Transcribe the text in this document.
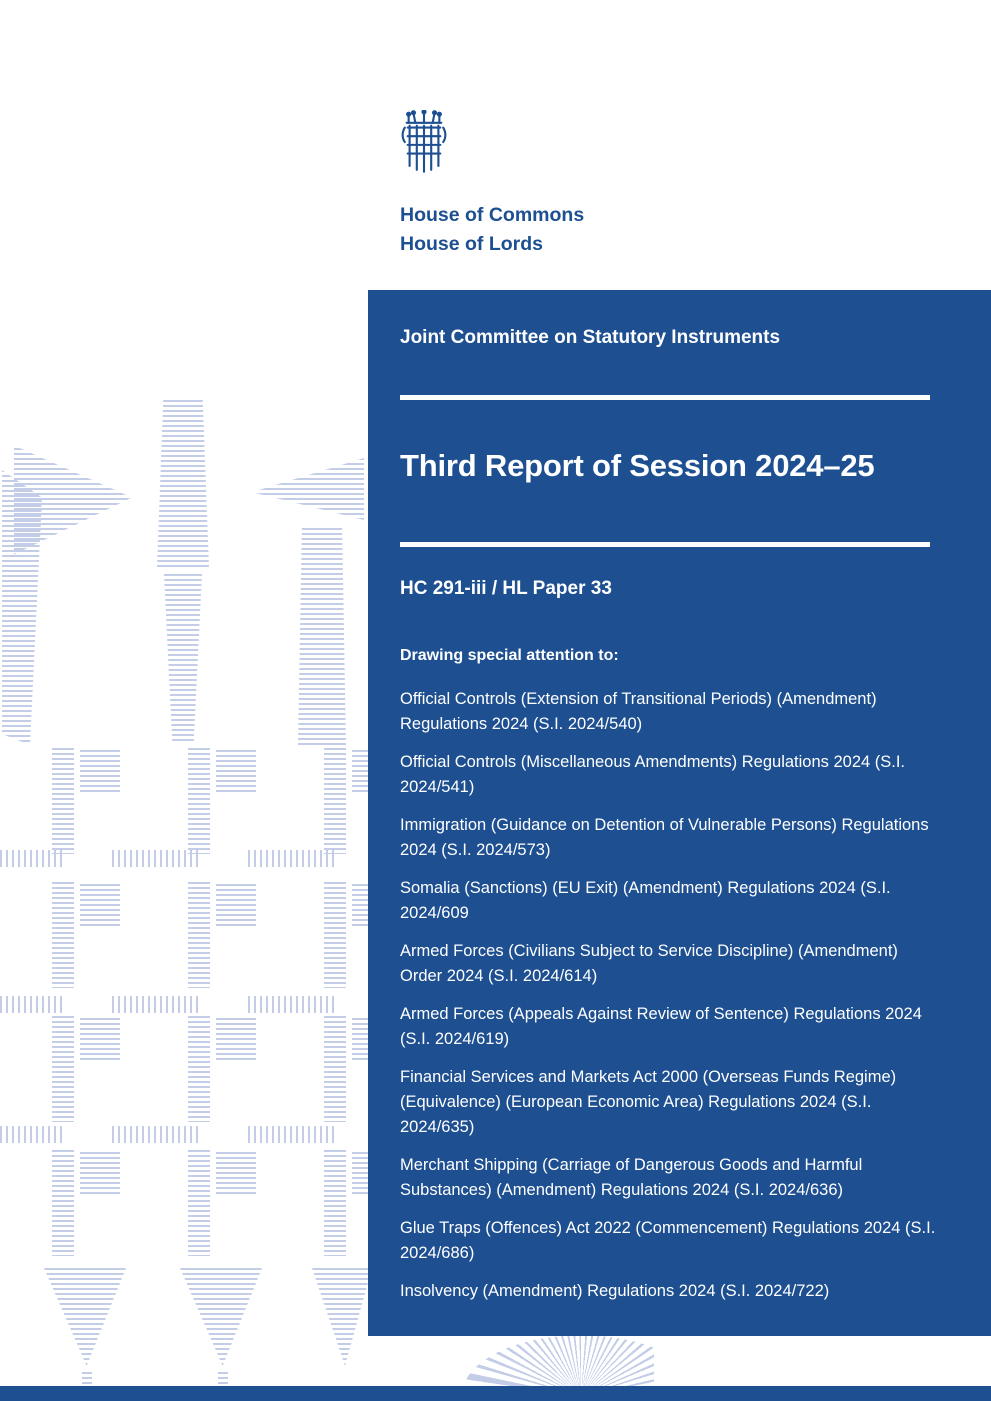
House of Commons
House of Lords
Joint Committee on Statutory Instruments
Third Report of Session 2024–25
HC 291-iii / HL Paper 33
Drawing special attention to:

Official Controls (Extension of Transitional Periods) (Amendment) Regulations 2024 (S.I. 2024/540)

Official Controls (Miscellaneous Amendments) Regulations 2024 (S.I. 2024/541)

Immigration (Guidance on Detention of Vulnerable Persons) Regulations 2024 (S.I. 2024/573)

Somalia (Sanctions) (EU Exit) (Amendment) Regulations 2024 (S.I. 2024/609

Armed Forces (Civilians Subject to Service Discipline) (Amendment) Order 2024 (S.I. 2024/614)

Armed Forces (Appeals Against Review of Sentence) Regulations 2024 (S.I. 2024/619)

Financial Services and Markets Act 2000 (Overseas Funds Regime) (Equivalence) (European Economic Area) Regulations 2024 (S.I. 2024/635)

Merchant Shipping (Carriage of Dangerous Goods and Harmful Substances) (Amendment) Regulations 2024 (S.I. 2024/636)

Glue Traps (Offences) Act 2022 (Commencement) Regulations 2024 (S.I. 2024/686)

Insolvency (Amendment) Regulations 2024 (S.I. 2024/722)
